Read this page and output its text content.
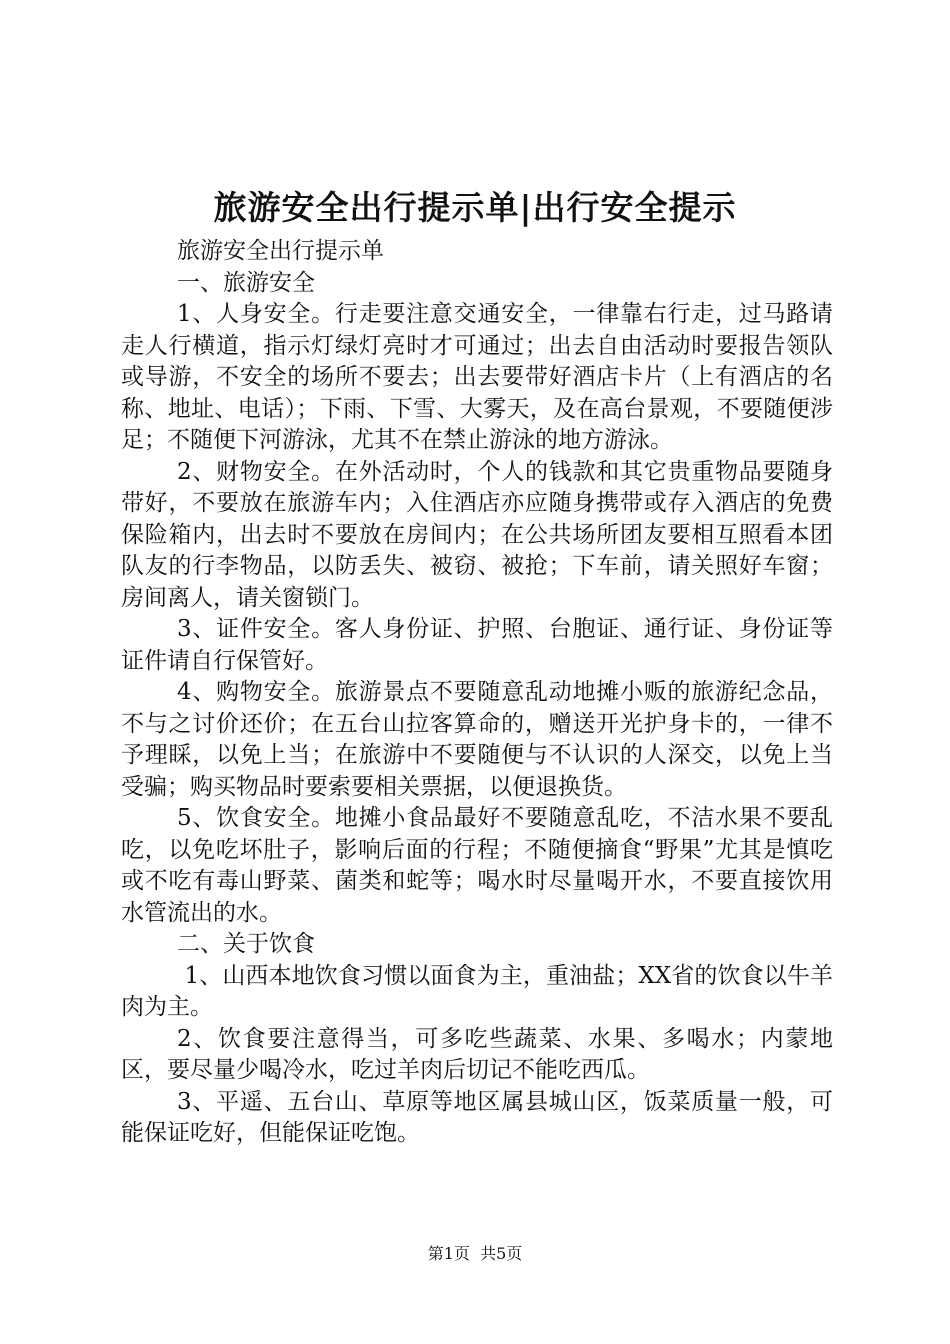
旅游安全出行提示单|出行安全提示

旅游安全出行提示单

一、旅游安全

1、人身安全。行走要注意交通安全，一律靠右行走，过马路请走人行横道，指示灯绿灯亮时才可通过；出去自由活动时要报告领队或导游，不安全的场所不要去；出去要带好酒店卡片（上有酒店的名称、地址、电话）；下雨、下雪、大雾天，及在高台景观，不要随便涉足；不随便下河游泳，尤其不在禁止游泳的地方游泳。

2、财物安全。在外活动时，个人的钱款和其它贵重物品要随身带好，不要放在旅游车内；入住酒店亦应随身携带或存入酒店的免费保险箱内，出去时不要放在房间内；在公共场所团友要相互照看本团队友的行李物品，以防丢失、被窃、被抢；下车前，请关照好车窗；房间离人，请关窗锁门。

3、证件安全。客人身份证、护照、台胞证、通行证、身份证等证件请自行保管好。

4、购物安全。旅游景点不要随意乱动地摊小贩的旅游纪念品，不与之讨价还价；在五台山拉客算命的，赠送开光护身卡的，一律不予理睬，以免上当；在旅游中不要随便与不认识的人深交，以免上当受骗；购买物品时要索要相关票据，以便退换货。

5、饮食安全。地摊小食品最好不要随意乱吃，不洁水果不要乱吃，以免吃坏肚子，影响后面的行程；不随便摘食“野果”尤其是慎吃或不吃有毒山野菜、菌类和蛇等；喝水时尽量喝开水，不要直接饮用水管流出的水。

二、关于饮食

1、山西本地饮食习惯以面食为主，重油盐；XX省的饮食以牛羊肉为主。

2、饮食要注意得当，可多吃些蔬菜、水果、多喝水；内蒙地区，要尽量少喝冷水，吃过羊肉后切记不能吃西瓜。

3、平遥、五台山、草原等地区属县城山区，饭菜质量一般，可能保证吃好，但能保证吃饱。

第1页  共5页
